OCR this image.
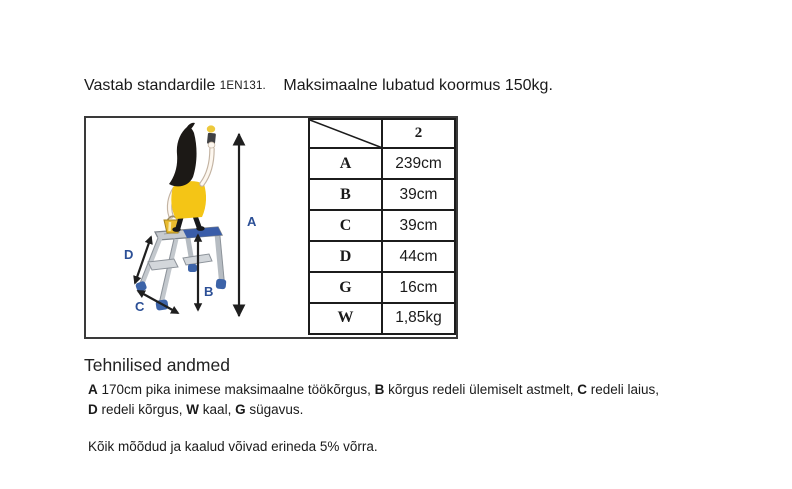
Vastab standardile 1EN131. Maksimaalne lubatud koormus 150kg.
A
B
D
C
	2
A	239cm
B	39cm
C	39cm
D	44cm
G	16cm
W	1,85kg
Tehnilised andmed
A 170cm pika inimese maksimaalne töökõrgus, B kõrgus redeli ülemiselt astmelt, C redeli laius,
D redeli kõrgus, W kaal, G sügavus.
Kõik mõõdud ja kaalud võivad erineda 5% võrra.
